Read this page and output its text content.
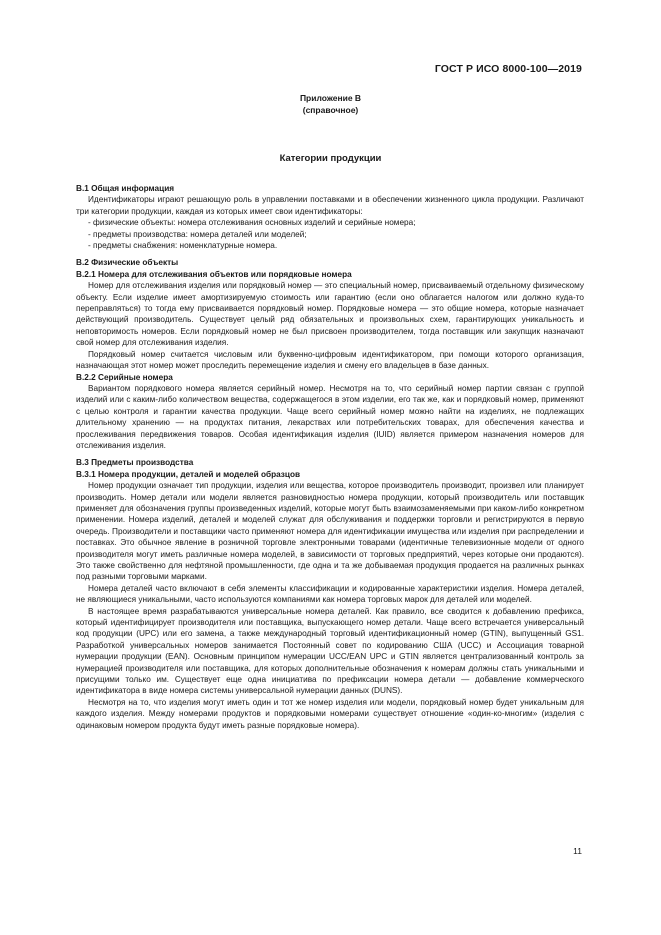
ГОСТ Р ИСО 8000-100—2019
Приложение В
(справочное)
Категории продукции

В.1 Общая информация

Идентификаторы играют решающую роль в управлении поставками и в обеспечении жизненного цикла продукции. Различают три категории продукции, каждая из которых имеет свои идентификаторы:

- физические объекты: номера отслеживания основных изделий и серийные номера;
- предметы производства: номера деталей или моделей;
- предметы снабжения: номенклатурные номера.

В.2 Физические объекты

В.2.1 Номера для отслеживания объектов или порядковые номера

Номер для отслеживания изделия или порядковый номер — это специальный номер, присваиваемый отдельному физическому объекту. Если изделие имеет амортизируемую стоимость или гарантию (если оно облагается налогом или должно куда-то переправляться) то тогда ему присваивается порядковый номер. Порядковые номера — это общие номера, которые назначает действующий производитель. Существует целый ряд обязательных и произвольных схем, гарантирующих уникальность и неповторимость номеров. Если порядковый номер не был присвоен производителем, тогда поставщик или закупщик назначают свой номер для отслеживания изделия.

Порядковый номер считается числовым или буквенно-цифровым идентификатором, при помощи которого организация, назначающая этот номер может проследить перемещение изделия и смену его владельцев в базе данных.

В.2.2 Серийные номера

Вариантом порядкового номера является серийный номер. Несмотря на то, что серийный номер партии связан с группой изделий или с каким-либо количеством вещества, содержащегося в этом изделии, его так же, как и порядковый номер, применяют с целью контроля и гарантии качества продукции. Чаще всего серийный номер можно найти на изделиях, не подлежащих длительному хранению — на продуктах питания, лекарствах или потребительских товарах, для обеспечения качества и прослеживания передвижения товаров. Особая идентификация изделия (IUID) является примером назначения номеров для отслеживания изделия.

В.3 Предметы производства

В.3.1 Номера продукции, деталей и моделей образцов

Номер продукции означает тип продукции, изделия или вещества, которое производитель производит, произвел или планирует производить. Номер детали или модели является разновидностью номера продукции, который производитель или поставщик применяет для обозначения группы произведенных изделий, которые могут быть взаимозаменяемыми при каком-либо конкретном применении. Номера изделий, деталей и моделей служат для обслуживания и поддержки торговли и регистрируются в первую очередь. Производители и поставщики часто применяют номера для идентификации имущества или изделия при распределении и поставках. Это обычное явление в розничной торговле электронными товарами (идентичные телевизионные модели от одного производителя могут иметь различные номера моделей, в зависимости от торговых предприятий, через которые они продаются). Это также свойственно для нефтяной промышленности, где одна и та же добываемая продукция продается на различных рынках под разными торговыми марками.

Номера деталей часто включают в себя элементы классификации и кодированные характеристики изделия. Номера деталей, не являющиеся уникальными, часто используются компаниями как номера торговых марок для деталей или моделей.

В настоящее время разрабатываются универсальные номера деталей. Как правило, все сводится к добавлению префикса, который идентифицирует производителя или поставщика, выпускающего номер детали. Чаще всего встречается универсальный код продукции (UPC) или его замена, а также международный торговый идентификационный номер (GTIN), выпущенный GS1. Разработкой универсальных номеров занимается Постоянный совет по кодированию США (UCC) и Ассоциация товарной нумерации продукции (EAN). Основным принципом нумерации UCC/EAN UPC и GTIN является централизованный контроль за нумерацией производителя или поставщика, для которых дополнительные обозначения к номерам должны стать уникальными и присущими только им. Существует еще одна инициатива по префиксации номера детали — добавление коммерческого идентификатора в виде номера системы универсальной нумерации данных (DUNS).

Несмотря на то, что изделия могут иметь один и тот же номер изделия или модели, порядковый номер будет уникальным для каждого изделия. Между номерами продуктов и порядковыми номерами существует отношение «один-ко-многим» (изделия с одинаковым номером продукта будут иметь разные порядковые номера).

11
